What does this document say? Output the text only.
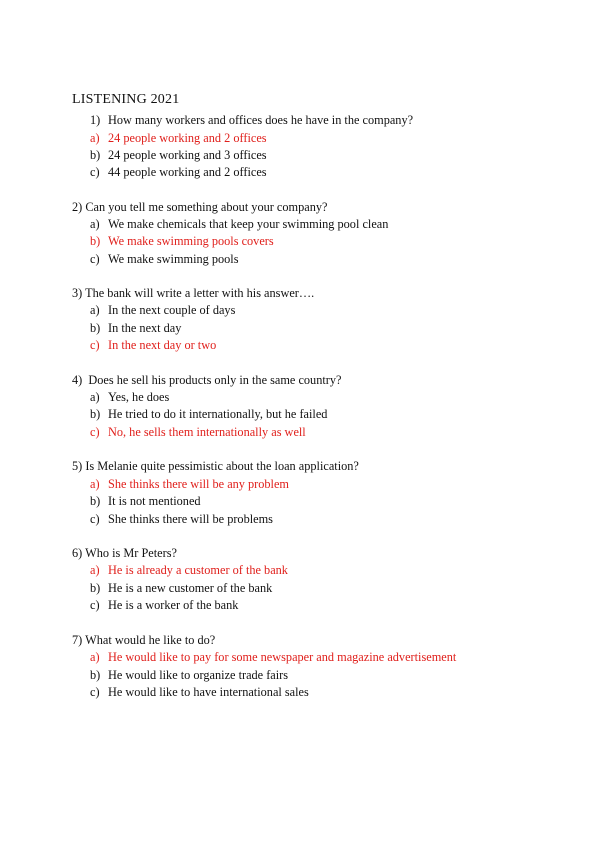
LISTENING 2021
1) How many workers and offices does he have in the company?
a) 24 people working and 2 offices
b) 24 people working and 3 offices
c) 44 people working and 2 offices
2) Can you tell me something about your company?
a) We make chemicals that keep your swimming pool clean
b) We make swimming pools covers
c) We make swimming pools
3) The bank will write a letter with his answer….
a) In the next couple of days
b) In the next day
c) In the next day or two
4) Does he sell his products only in the same country?
a) Yes, he does
b) He tried to do it internationally, but he failed
c) No, he sells them internationally as well
5) Is Melanie quite pessimistic about the loan application?
a) She thinks there will be any problem
b) It is not mentioned
c) She thinks there will be problems
6) Who is Mr Peters?
a) He is already a customer of the bank
b) He is a new customer of the bank
c) He is a worker of the bank
7) What would he like to do?
a) He would like to pay for some newspaper and magazine advertisement
b) He would like to organize trade fairs
c) He would like to have international sales
